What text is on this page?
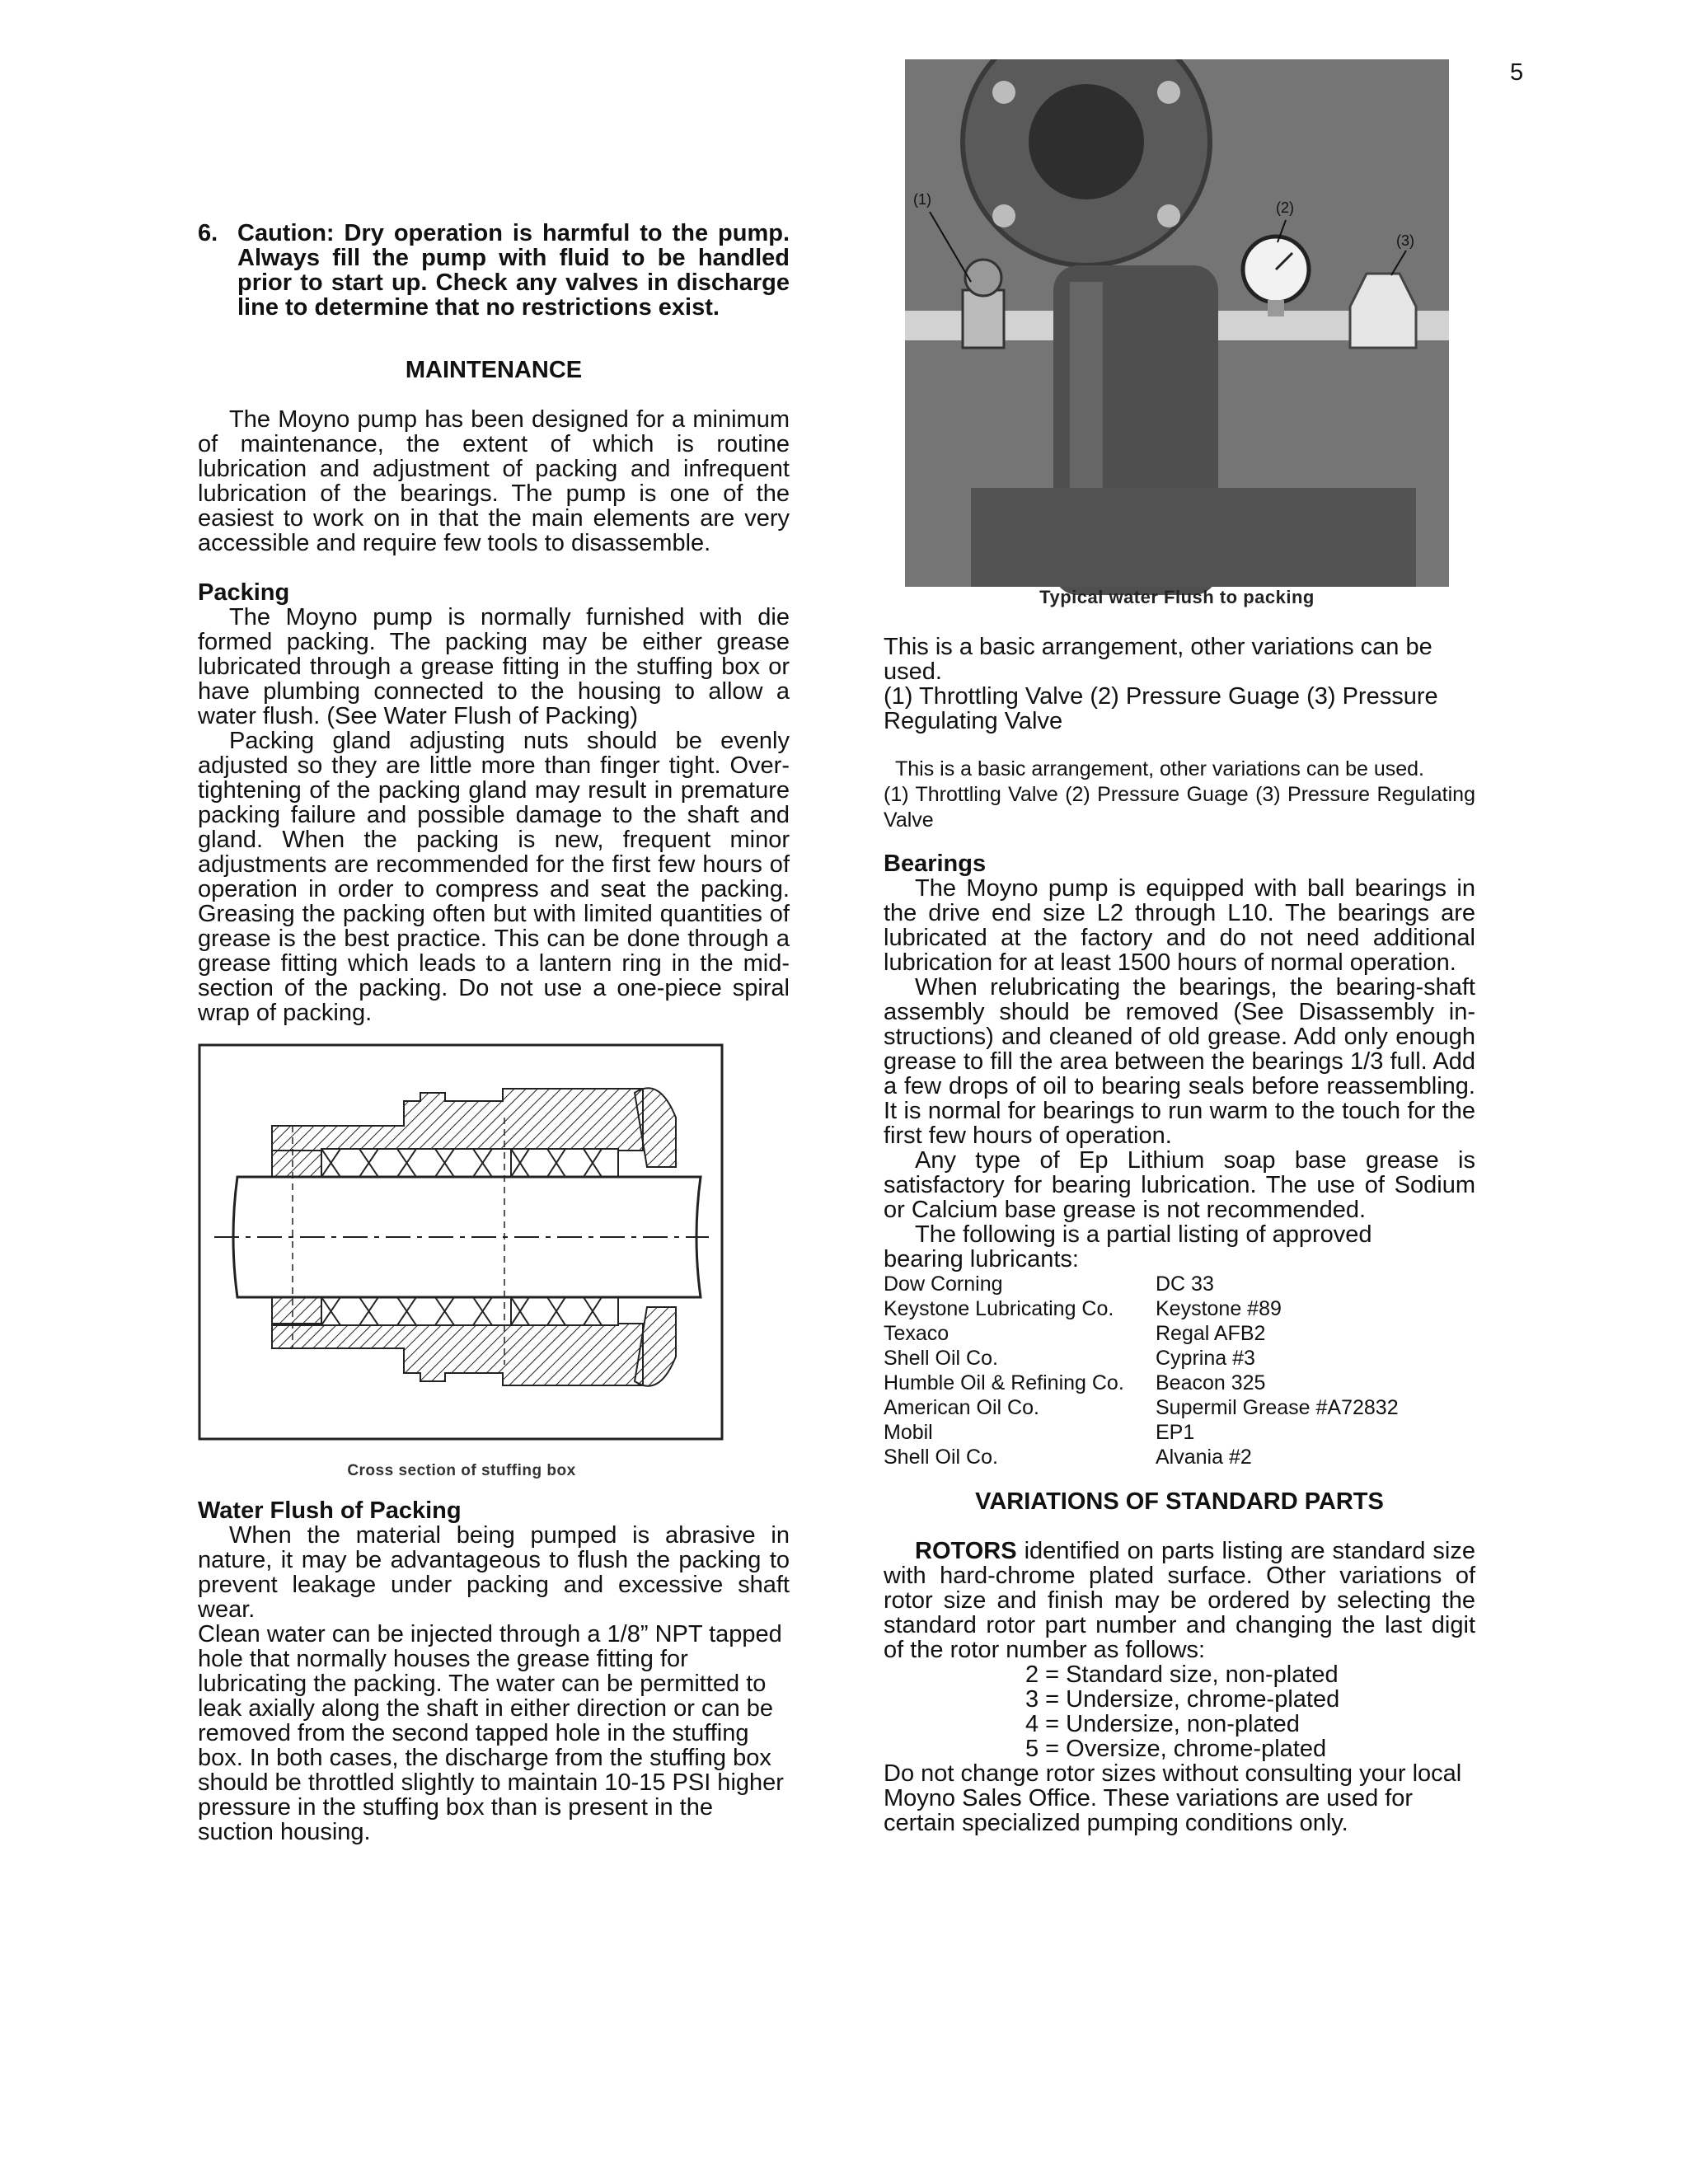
5
6. Caution: Dry operation is harmful to the pump. Always fill the pump with fluid to be handled prior to start up. Check any valves in discharge line to determine that no restrictions exist.
MAINTENANCE

The Moyno pump has been designed for a minimum of maintenance, the extent of which is routine lubrication and adjustment of packing and infrequent lubrication of the bearings. The pump is one of the easiest to work on in that the main elements are very accessible and require few tools to disassemble.

Packing

The Moyno pump is normally furnished with die formed packing. The packing may be either grease lubricated through a grease fitting in the stuffing box or have plumbing connected to the housing to allow a water flush. (See Water Flush of Packing)

Packing gland adjusting nuts should be evenly adjusted so they are little more than finger tight. Over-tightening of the packing gland may result in premature packing failure and possible damage to the shaft and gland. When the packing is new, frequent minor adjustments are recommended for the first few hours of operation in order to compress and seat the packing. Greasing the packing often but with limited quantities of grease is the best practice. This can be done through a grease fitting which leads to a lantern ring in the mid-section of the packing. Do not use a one-piece spiral wrap of packing.

Cross section of stuffing box
Water Flush of Packing

When the material being pumped is abrasive in nature, it may be advantageous to flush the packing to prevent leakage under packing and excessive shaft wear.

Clean water can be injected through a 1/8” NPT tapped hole that normally houses the grease fitting for lubricating the packing. The water can be permitted to leak axially along the shaft in either direction or can be removed from the second tapped hole in the stuffing box. In both cases, the discharge from the stuffing box should be throttled slightly to maintain 10-15 PSI higher pressure in the stuffing box than is present in the suction housing.

(1)	(2)
(3)
Typical water Flush to packing

This is a basic arrangement, other variations can be used.

(1) Throttling Valve (2) Pressure Guage (3) Pressure Regulating Valve

This is a basic arrangement, other variations can be used.

(1) Throttling Valve (2) Pressure Guage (3) Pressure Regulating Valve

Bearings

The Moyno pump is equipped with ball bearings in the drive end size L2 through L10. The bearings are lubricated at the factory and do not need additional lubrication for at least 1500 hours of normal operation.

When relubricating the bearings, the bearing-shaft assembly should be removed (See Disassembly in-structions) and cleaned of old grease. Add only enough grease to fill the area between the bearings 1/3 full. Add a few drops of oil to bearing seals before reassembling. It is normal for bearings to run warm to the touch for the first few hours of operation.

Any type of Ep Lithium soap base grease is satisfactory for bearing lubrication. The use of Sodium or Calcium base grease is not recommended.

The following is a partial listing of approved bearing lubricants:

Dow Corning	DC 33
Keystone Lubricating Co.	Keystone #89
Texaco	Regal AFB2
Shell Oil Co.	Cyprina #3
Humble Oil & Refining Co.	Beacon 325
American Oil Co.	Supermil Grease #A72832
Mobil	EP1
Shell Oil Co.	Alvania #2
VARIATIONS OF STANDARD PARTS

ROTORS identified on parts listing are standard size with hard-chrome plated surface. Other variations of rotor size and finish may be ordered by selecting the standard rotor part number and changing the last digit of the rotor number as follows:

2 = Standard size, non-plated

3 = Undersize, chrome-plated

4 = Undersize, non-plated

5 = Oversize, chrome-plated

Do not change rotor sizes without consulting your local Moyno Sales Office. These variations are used for certain specialized pumping conditions only.
